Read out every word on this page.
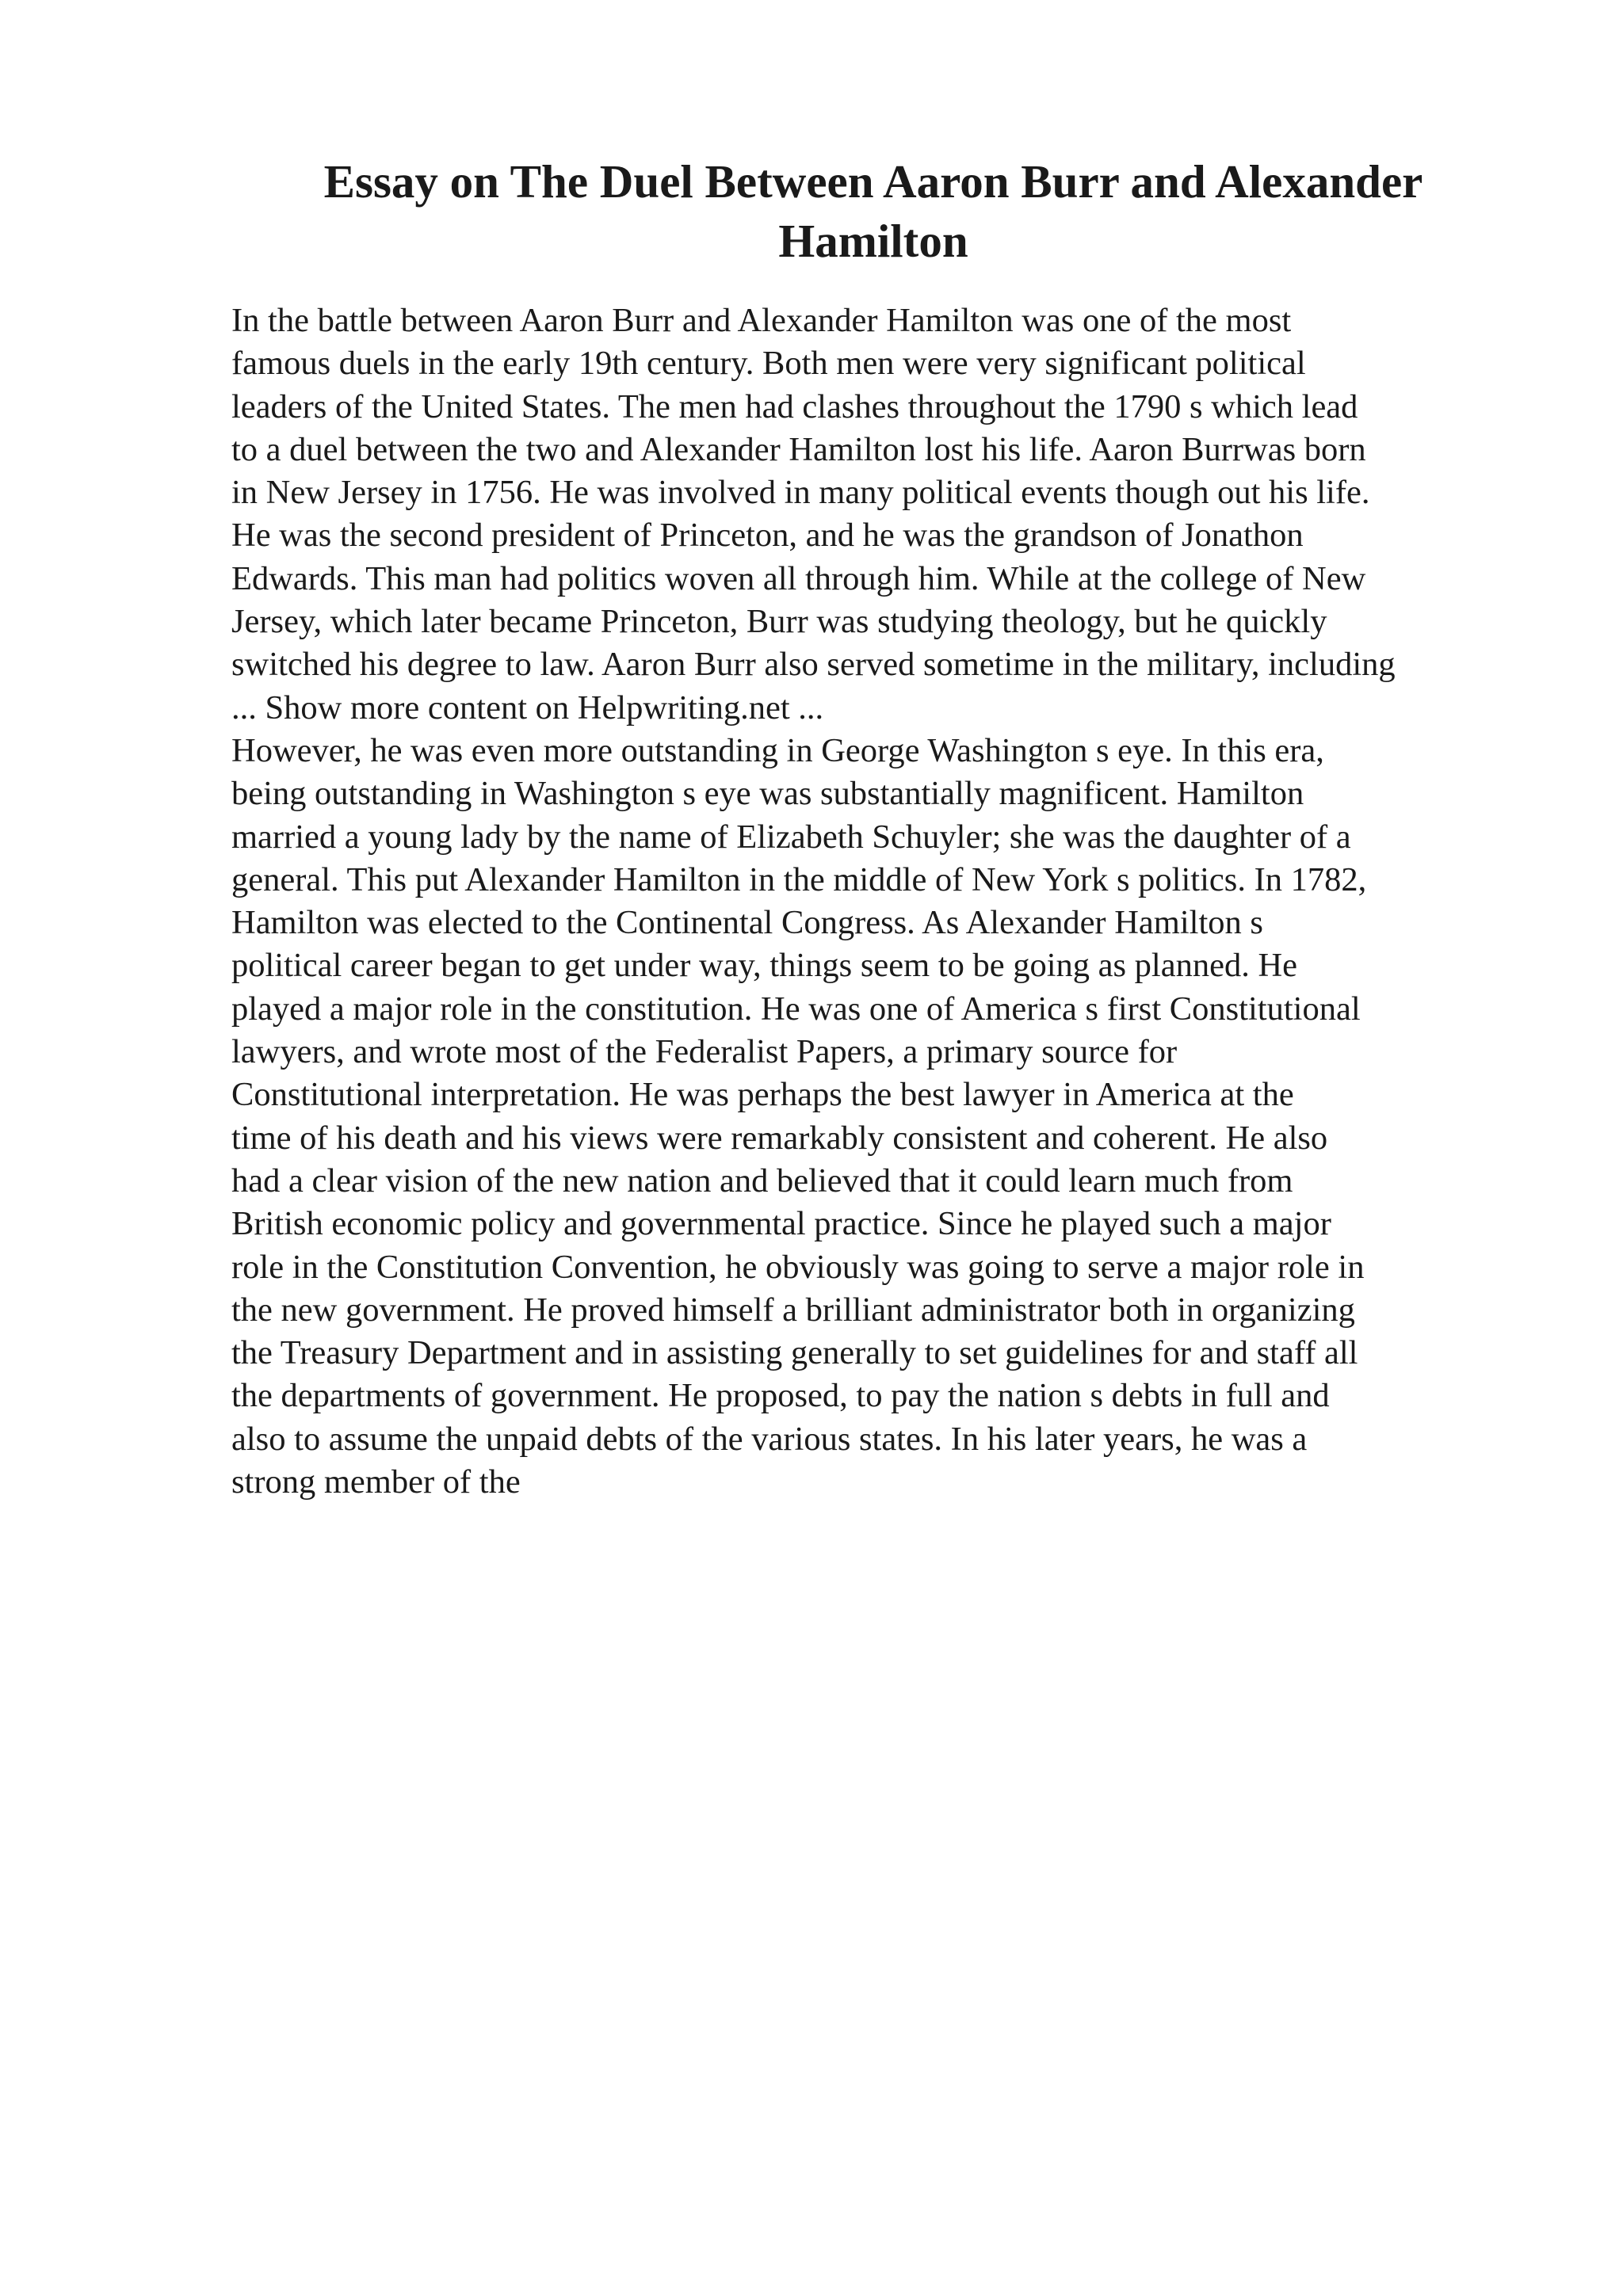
Essay on The Duel Between Aaron Burr and Alexander
Hamilton
In the battle between Aaron Burr and Alexander Hamilton was one of the most
famous duels in the early 19th century. Both men were very significant political
leaders of the United States. The men had clashes throughout the 1790 s which lead
to a duel between the two and Alexander Hamilton lost his life. Aaron Burrwas born
in New Jersey in 1756. He was involved in many political events though out his life.
He was the second president of Princeton, and he was the grandson of Jonathon
Edwards. This man had politics woven all through him. While at the college of New
Jersey, which later became Princeton, Burr was studying theology, but he quickly
switched his degree to law. Aaron Burr also served sometime in the military, including
... Show more content on Helpwriting.net ...
However, he was even more outstanding in George Washington s eye. In this era,
being outstanding in Washington s eye was substantially magnificent. Hamilton
married a young lady by the name of Elizabeth Schuyler; she was the daughter of a
general. This put Alexander Hamilton in the middle of New York s politics. In 1782,
Hamilton was elected to the Continental Congress. As Alexander Hamilton s
political career began to get under way, things seem to be going as planned. He
played a major role in the constitution. He was one of America s first Constitutional
lawyers, and wrote most of the Federalist Papers, a primary source for
Constitutional interpretation. He was perhaps the best lawyer in America at the
time of his death and his views were remarkably consistent and coherent. He also
had a clear vision of the new nation and believed that it could learn much from
British economic policy and governmental practice. Since he played such a major
role in the Constitution Convention, he obviously was going to serve a major role in
the new government. He proved himself a brilliant administrator both in organizing
the Treasury Department and in assisting generally to set guidelines for and staff all
the departments of government. He proposed, to pay the nation s debts in full and
also to assume the unpaid debts of the various states. In his later years, he was a
strong member of the
